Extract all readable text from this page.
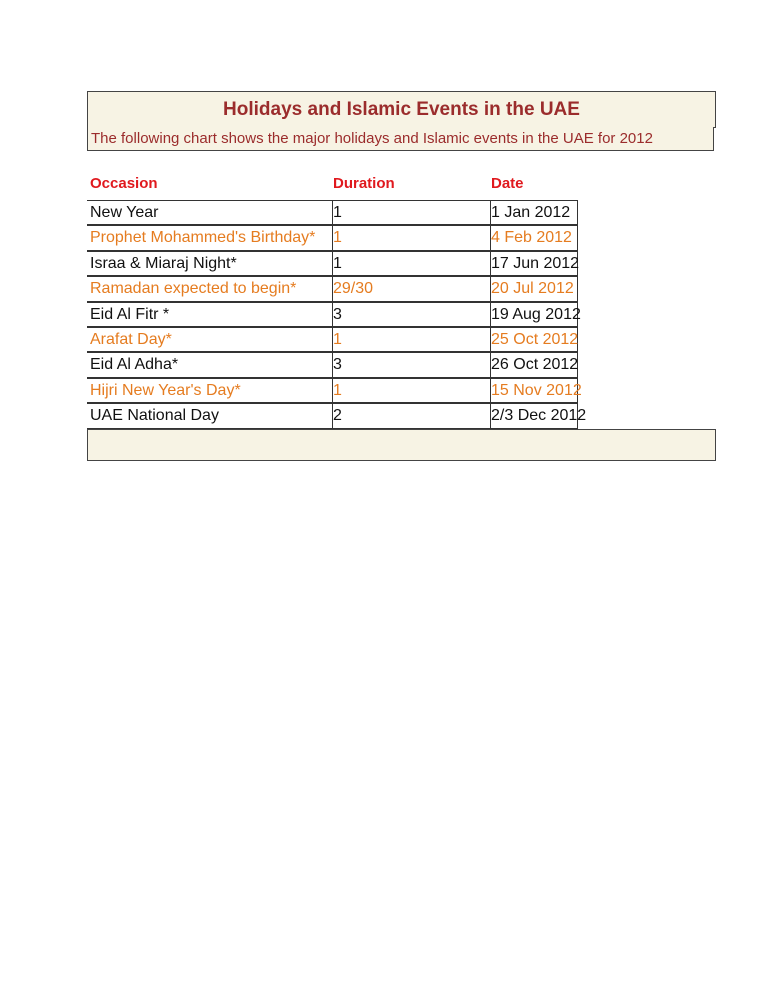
Holidays and Islamic Events in the UAE
The following chart shows the major holidays and Islamic events in the UAE for 2012
Occasion	Duration	Date
New Year	1	1 Jan 2012
Prophet Mohammed's Birthday*	1	4 Feb 2012
Israa & Miaraj Night*	1	17 Jun 2012
Ramadan expected to begin*	29/30	20 Jul 2012
Eid Al Fitr *	3	19 Aug 2012
Arafat Day*	1	25 Oct 2012
Eid Al Adha*	3	26 Oct 2012
Hijri New Year's Day*	1	15 Nov 2012
UAE National Day	2	2/3 Dec 2012
